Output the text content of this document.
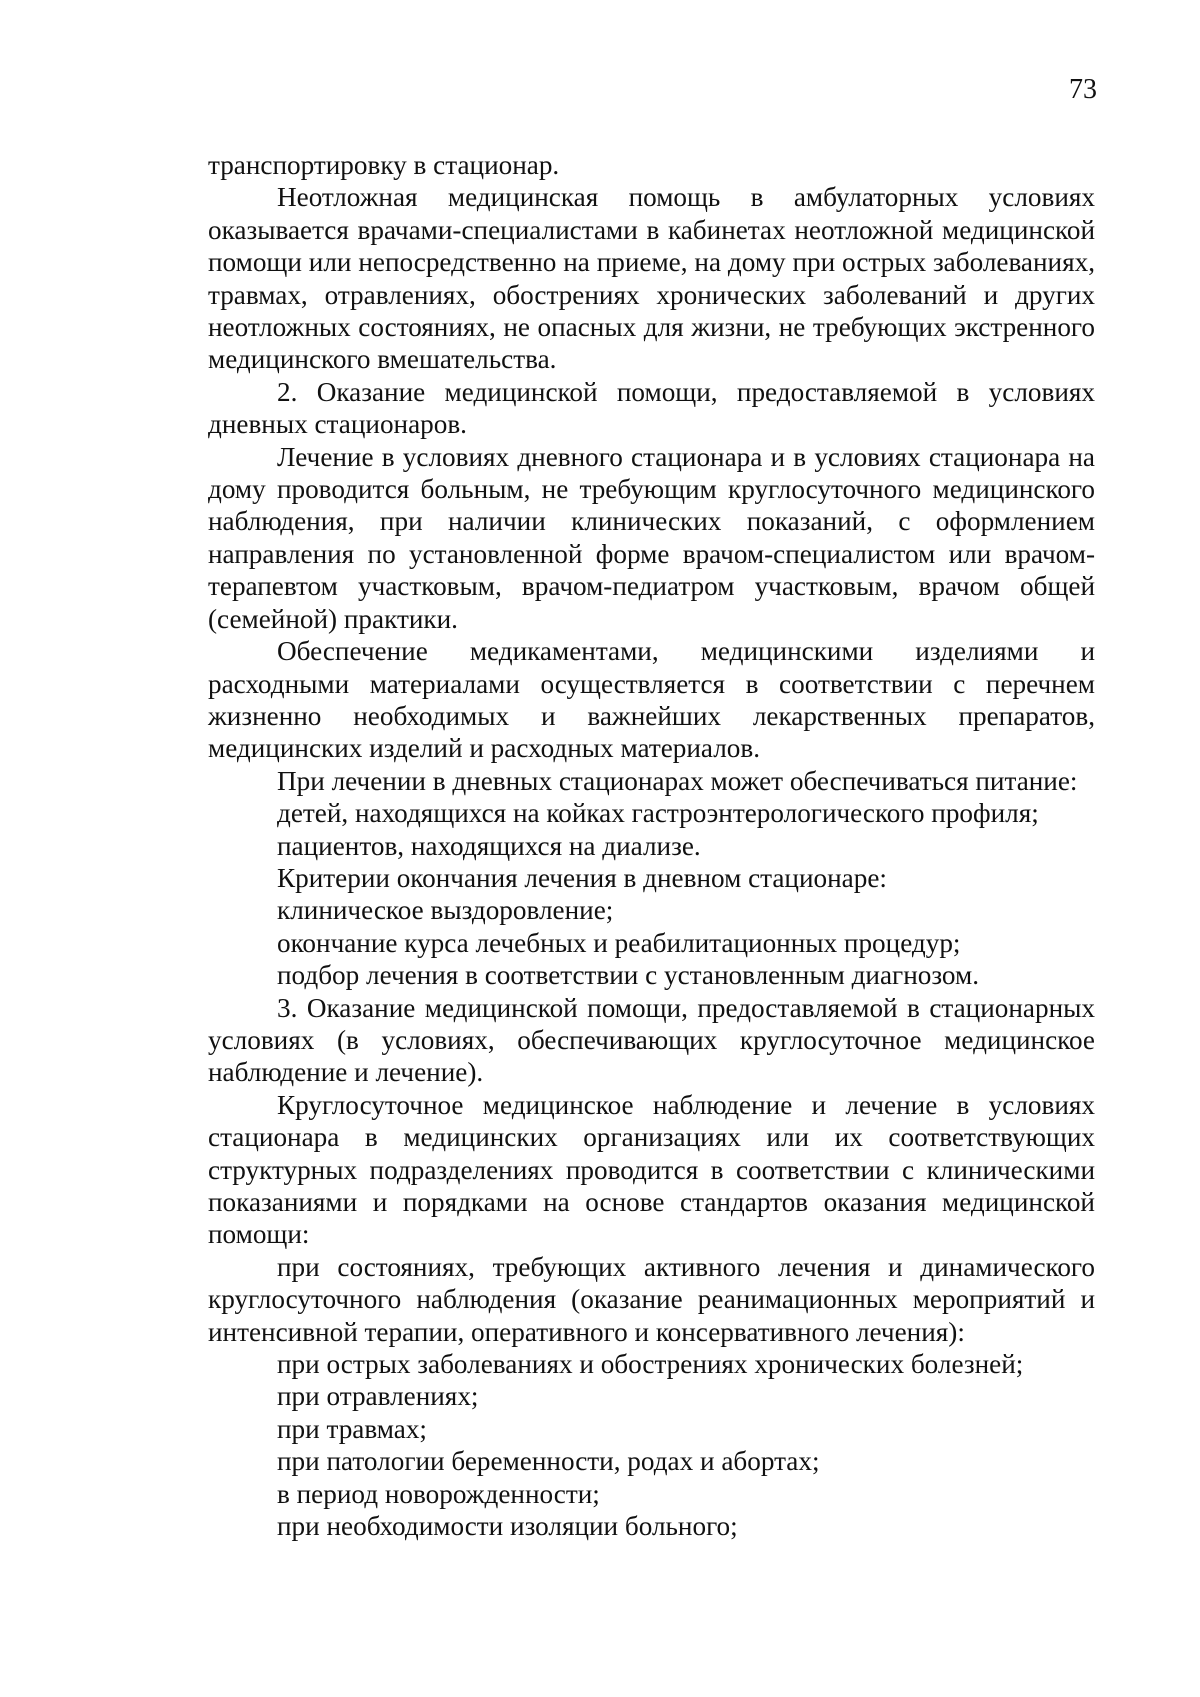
73

транспортировку в стационар.

Неотложная медицинская помощь в амбулаторных условиях оказывается врачами-специалистами в кабинетах неотложной медицинской помощи или непосредственно на приеме, на дому при острых заболеваниях, травмах, отравлениях, обострениях хронических заболеваний и других неотложных состояниях, не опасных для жизни, не требующих экстренного медицинского вмешательства.

2. Оказание медицинской помощи, предоставляемой в условиях дневных стационаров.

Лечение в условиях дневного стационара и в условиях стационара на дому проводится больным, не требующим круглосуточного медицинского наблюдения, при наличии клинических показаний, с оформлением направления по установленной форме врачом-специалистом или врачом-терапевтом участковым, врачом-педиатром участковым, врачом общей (семейной) практики.

Обеспечение медикаментами, медицинскими изделиями и расходными материалами осуществляется в соответствии с перечнем жизненно необходимых и важнейших лекарственных препаратов, медицинских изделий и расходных материалов.

При лечении в дневных стационарах может обеспечиваться питание:

детей, находящихся на койках гастроэнтерологического профиля;

пациентов, находящихся на диализе.

Критерии окончания лечения в дневном стационаре:

клиническое выздоровление;

окончание курса лечебных и реабилитационных процедур;

подбор лечения в соответствии с установленным диагнозом.

3. Оказание медицинской помощи, предоставляемой в стационарных условиях (в условиях, обеспечивающих круглосуточное медицинское наблюдение и лечение).

Круглосуточное медицинское наблюдение и лечение в условиях стационара в медицинских организациях или их соответствующих структурных подразделениях проводится в соответствии с клиническими показаниями и порядками на основе стандартов оказания медицинской помощи:

при состояниях, требующих активного лечения и динамического круглосуточного наблюдения (оказание реанимационных мероприятий и интенсивной терапии, оперативного и консервативного лечения):

при острых заболеваниях и обострениях хронических болезней;

при отравлениях;

при травмах;

при патологии беременности, родах и абортах;

в период новорожденности;

при необходимости изоляции больного;
